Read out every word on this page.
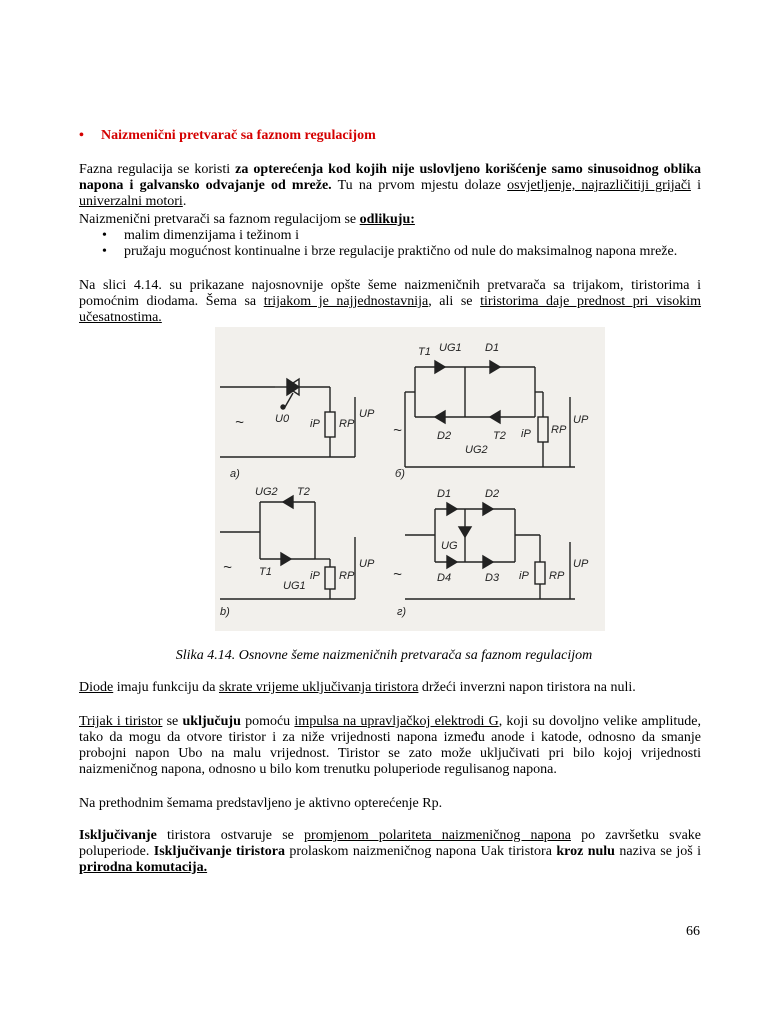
• Naizmenični pretvarač sa faznom regulacijom

Fazna regulacija se koristi za opterećenja kod kojih nije uslovljeno korišćenje samo sinusoidnog oblika napona i galvansko odvajanje od mreže. Tu na prvom mjestu dolaze osvjetljenje, najrazličitiji grijači i univerzalni motori.

Naizmenični pretvarači sa faznom regulacijom se odlikuju:

• malim dimenzijama i težinom i
• pružaju mogućnost kontinualne i brze regulacije praktično od nule do maksimalnog napona mreže.

Na slici 4.14. su prikazane najosnovnije opšte šeme naizmeničnih pretvarača sa trijakom, tiristorima i pomoćnim diodama. Šema sa trijakom je najjednostavnija, ali se tiristorima daje prednost pri visokim učesatnostima.

~	U0 iP RP
UP
a)
T1 UG1 D1
D2	T2
UG2
~	iP RP
UP
б)
UG2 T2
T1
UG1
~	iP RP
UP
b)
D1	D2
D4	D3
UG
~	iP RP
UP
г)
Slika 4.14. Osnovne šeme naizmeničnih pretvarača sa faznom regulacijom

Diode imaju funkciju da skrate vrijeme uključivanja tiristora držeći inverzni napon tiristora na nuli.

Trijak i tiristor se uključuju pomoću impulsa na upravljačkoj elektrodi G, koji su dovoljno velike amplitude, tako da mogu da otvore tiristor i za niže vrijednosti napona između anode i katode, odnosno da smanje probojni napon Ubo na malu vrijednost. Tiristor se zato može uključivati pri bilo kojoj vrijednosti naizmeničnog napona, odnosno u bilo kom trenutku poluperiode regulisanog napona.

Na prethodnim šemama predstavljeno je aktivno opterećenje Rp.

Isključivanje tiristora ostvaruje se promjenom polariteta naizmeničnog napona po završetku svake poluperiode. Isključivanje tiristora prolaskom naizmeničnog napona Uak tiristora kroz nulu naziva se još i prirodna komutacija.

66
